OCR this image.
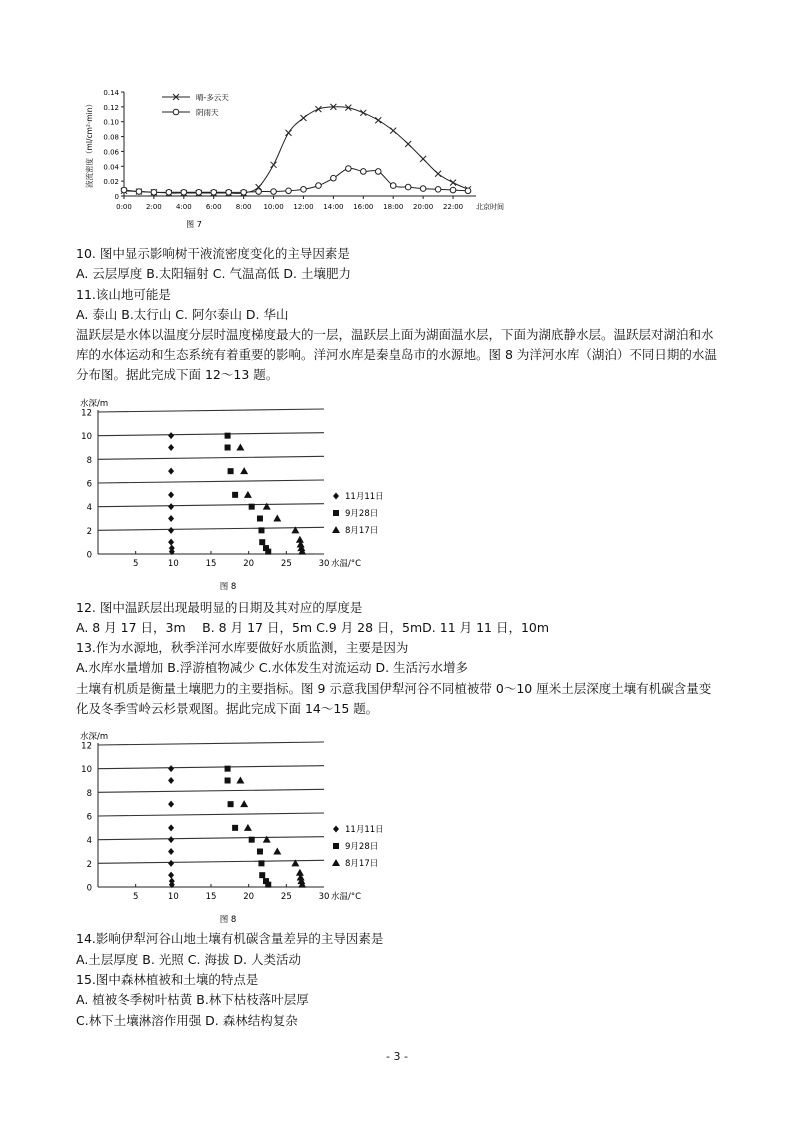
0
0.02
0.04
0.06
0.08
0.10
0.12
0.14
0:00 2:00 4:00 6:00 8:00 10:00 12:00 14:00 16:00 18:00 20:00 22:00 北京时间
液流密度（ml/cm²·min）
图 7
晴-多云天
阴雨天
10. 图中显示影响树干液流密度变化的主导因素是
A. 云层厚度 B.太阳辐射 C. 气温高低 D. 土壤肥力
11.该山地可能是
A. 泰山 B.太行山 C. 阿尔泰山 D. 华山
温跃层是水体以温度分层时温度梯度最大的一层，温跃层上面为湖面温水层，下面为湖底静水层。温跃层对湖泊和水库的水体运动和生态系统有着重要的影响。洋河水库是秦皇岛市的水源地。图 8 为洋河水库（湖泊）不同日期的水温分布图。据此完成下面 12～13 题。
0
2
4
6
8
10
12
5	10	15	20	25	30 水温/°C
水深/m
图 8
11月11日
9月28日
8月17日
12. 图中温跃层出现最明显的日期及其对应的厚度是
A. 8 月 17 日，3m　 B. 8 月 17 日，5m C.9 月 28 日，5mD. 11 月 11 日，10m
13.作为水源地，秋季洋河水库要做好水质监测，主要是因为
A.水库水量增加 B.浮游植物减少 C.水体发生对流运动 D. 生活污水增多
土壤有机质是衡量土壤肥力的主要指标。图 9 示意我国伊犁河谷不同植被带 0～10 厘米土层深度土壤有机碳含量变化及冬季雪岭云杉景观图。据此完成下面 14～15 题。
0
2
4
6
8
10
12
5	10	15	20	25	30 水温/°C
水深/m
图 8
11月11日
9月28日
8月17日
14.影响伊犁河谷山地土壤有机碳含量差异的主导因素是
A.土层厚度 B. 光照 C. 海拔 D. 人类活动
15.图中森林植被和土壤的特点是
A. 植被冬季树叶枯黄 B.林下枯枝落叶层厚
C.林下土壤淋溶作用强 D. 森林结构复杂
- 3 -
